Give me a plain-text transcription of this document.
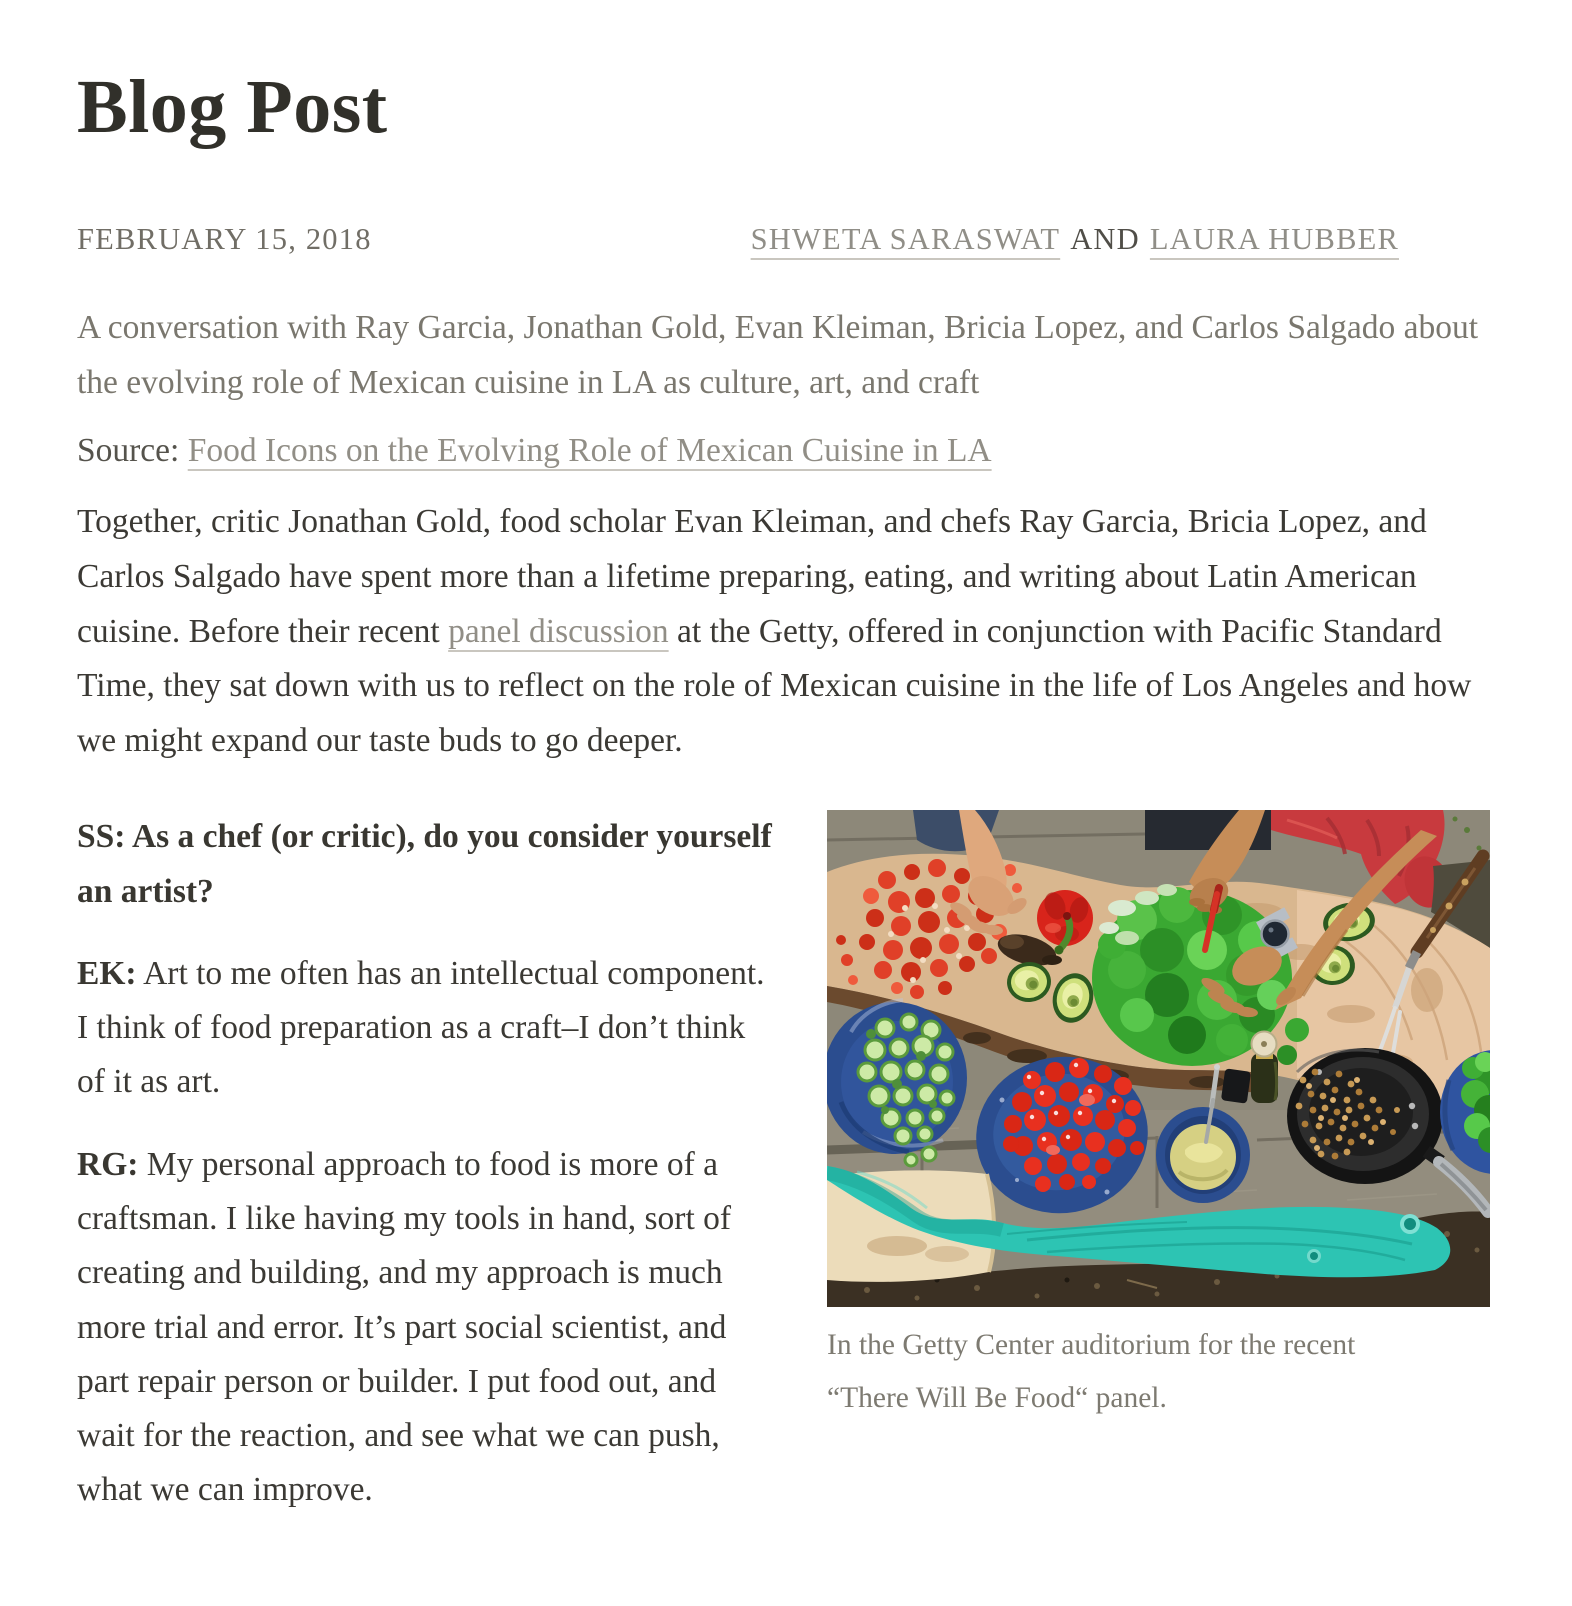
Blog Post
FEBRUARY 15, 2018	SHWETA SARASWAT AND LAURA HUBBER

A conversation with Ray Garcia, Jonathan Gold, Evan Kleiman, Bricia Lopez, and Carlos Salgado about the evolving role of Mexican cuisine in LA as culture, art, and craft

Source: Food Icons on the Evolving Role of Mexican Cuisine in LA

Together, critic Jonathan Gold, food scholar Evan Kleiman, and chefs Ray Garcia, Bricia Lopez, and Carlos Salgado have spent more than a lifetime preparing, eating, and writing about Latin American cuisine. Before their recent panel discussion at the Getty, offered in conjunction with Pacific Standard Time, they sat down with us to reflect on the role of Mexican cuisine in the life of Los Angeles and how we might expand our taste buds to go deeper.

SS: As a chef (or critic), do you consider yourself an artist?

EK: Art to me often has an intellectual component. I think of food preparation as a craft–I don’t think of it as art.

RG: My personal approach to food is more of a craftsman. I like having my tools in hand, sort of creating and building, and my approach is much more trial and error. It’s part social scientist, and part repair person or builder. I put food out, and wait for the reaction, and see what we can push, what we can improve.

In the Getty Center auditorium for the recent “There Will Be Food“ panel.
